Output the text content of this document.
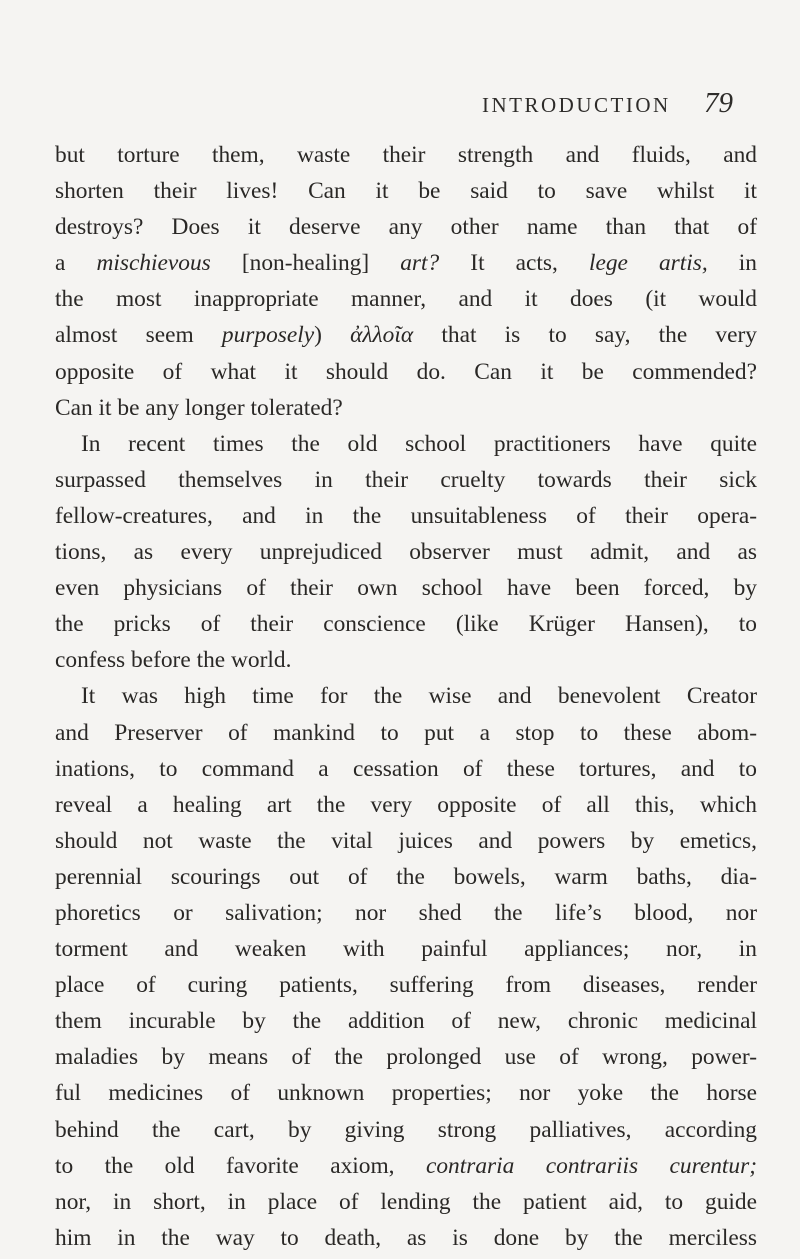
INTRODUCTION 79
but torture them, waste their strength and fluids, and
shorten their lives! Can it be said to save whilst it
destroys? Does it deserve any other name than that of
a mischievous [non-healing] art? It acts, lege artis, in
the most inappropriate manner, and it does (it would
almost seem purposely) ἀλλοῖα that is to say, the very
opposite of what it should do. Can it be commended?
Can it be any longer tolerated?
In recent times the old school practitioners have quite
surpassed themselves in their cruelty towards their sick
fellow-creatures, and in the unsuitableness of their opera-
tions, as every unprejudiced observer must admit, and as
even physicians of their own school have been forced, by
the pricks of their conscience (like Krüger Hansen), to
confess before the world.
It was high time for the wise and benevolent Creator
and Preserver of mankind to put a stop to these abom-
inations, to command a cessation of these tortures, and to
reveal a healing art the very opposite of all this, which
should not waste the vital juices and powers by emetics,
perennial scourings out of the bowels, warm baths, dia-
phoretics or salivation; nor shed the life’s blood, nor
torment and weaken with painful appliances; nor, in
place of curing patients, suffering from diseases, render
them incurable by the addition of new, chronic medicinal
maladies by means of the prolonged use of wrong, power-
ful medicines of unknown properties; nor yoke the horse
behind the cart, by giving strong palliatives, according
to the old favorite axiom, contraria contrariis curentur;
nor, in short, in place of lending the patient aid, to guide
him in the way to death, as is done by the merciless
